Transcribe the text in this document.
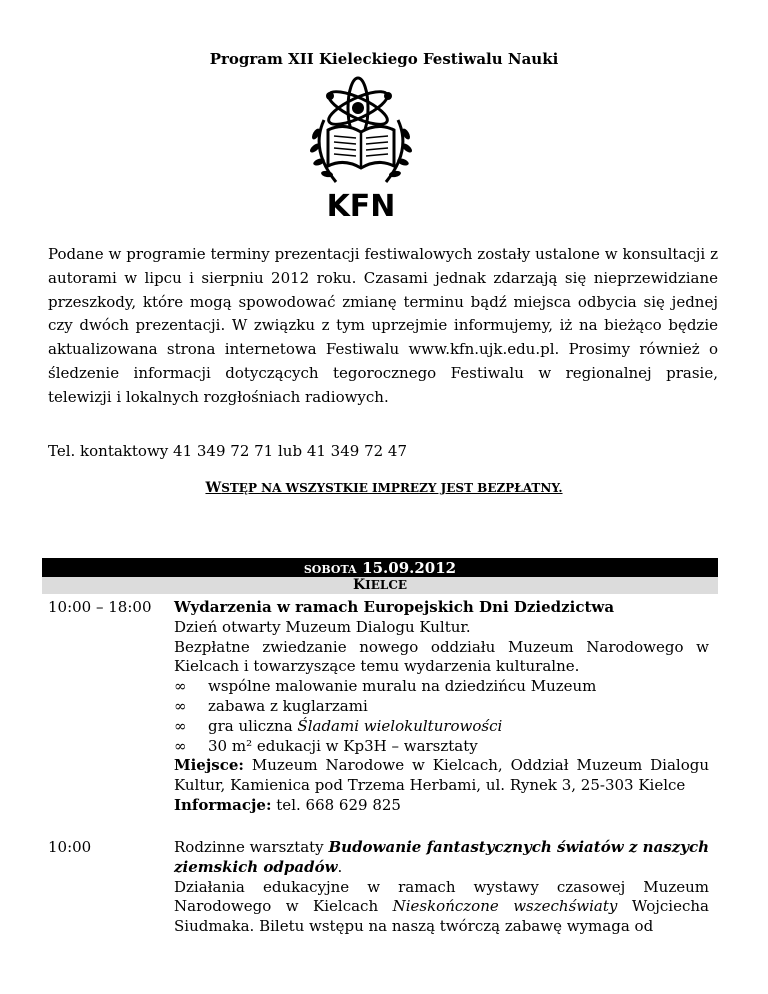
Program XII Kieleckiego Festiwalu Nauki
KFN

Podane w programie terminy prezentacji festiwalowych zostały ustalone w konsultacji z autorami w lipcu i sierpniu 2012 roku. Czasami jednak zdarzają się nieprzewidziane przeszkody, które mogą spowodować zmianę terminu bądź miejsca odbycia się jednej czy dwóch prezentacji. W związku z tym uprzejmie informujemy, iż na bieżąco będzie aktualizowana strona internetowa Festiwalu www.kfn.ujk.edu.pl. Prosimy również o śledzenie informacji dotyczących tegorocznego Festiwalu w regionalnej prasie, telewizji i lokalnych rozgłośniach radiowych.

Tel. kontaktowy 41 349 72 71 lub 41 349 72 47
WSTĘP NA WSZYSTKIE IMPREZY JEST BEZPŁATNY.
SOBOTA 15.09.2012
KIELCE
10:00 – 18:00 Wydarzenia w ramach Europejskich Dni Dziedzictwa

Dzień otwarty Muzeum Dialogu Kultur.

Bezpłatne zwiedzanie nowego oddziału Muzeum Narodowego w Kielcach i towarzyszące temu wydarzenia kulturalne.

∞	wspólne malowanie muralu na dziedzińcu Muzeum
∞	zabawa z kuglarzami
∞	gra uliczna Śladami wielokulturowości
∞	30 m² edukacji w Kp3H – warsztaty

Miejsce: Muzeum Narodowe w Kielcach, Oddział Muzeum Dialogu Kultur, Kamienica pod Trzema Herbami, ul. Rynek 3, 25-303 Kielce

Informacje: tel. 668 629 825

10:00	Rodzinne warsztaty Budowanie fantastycznych światów z naszych ziemskich odpadów.

Działania edukacyjne w ramach wystawy czasowej Muzeum Narodowego w Kielcach Nieskończone wszechświaty Wojciecha Siudmaka. Biletu wstępu na naszą twórczą zabawę wymaga od
